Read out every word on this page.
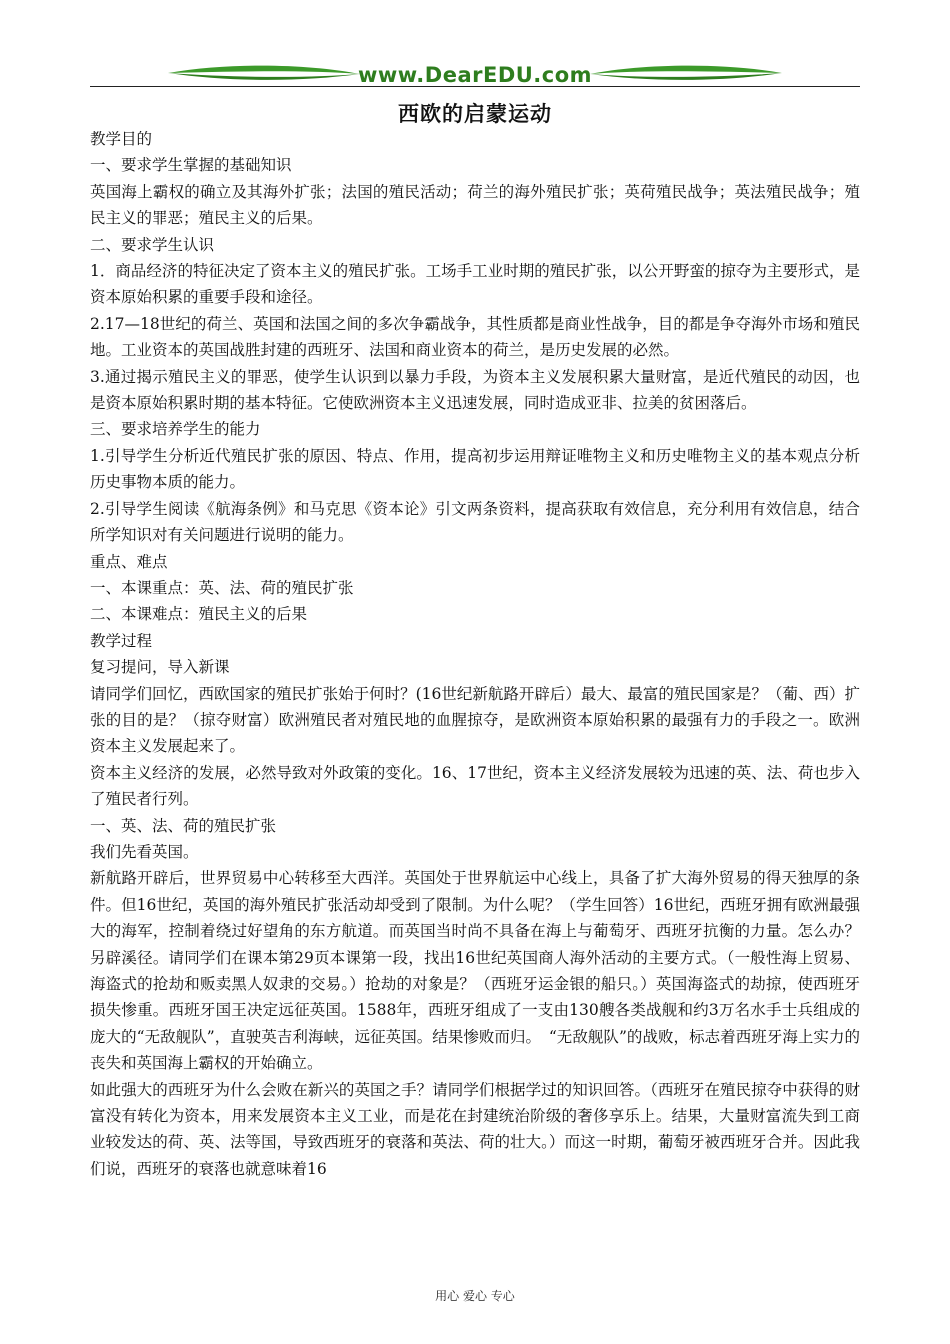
www.DearEDU.com
西欧的启蒙运动

教学目的

一、要求学生掌握的基础知识

英国海上霸权的确立及其海外扩张；法国的殖民活动；荷兰的海外殖民扩张；英荷殖民战争；英法殖民战争；殖民主义的罪恶；殖民主义的后果。

二、要求学生认识

1．商品经济的特征决定了资本主义的殖民扩张。工场手工业时期的殖民扩张，以公开野蛮的掠夺为主要形式，是资本原始积累的重要手段和途径。

2.17—18世纪的荷兰、英国和法国之间的多次争霸战争，其性质都是商业性战争，目的都是争夺海外市场和殖民地。工业资本的英国战胜封建的西班牙、法国和商业资本的荷兰，是历史发展的必然。

3.通过揭示殖民主义的罪恶，使学生认识到以暴力手段，为资本主义发展积累大量财富，是近代殖民的动因，也是资本原始积累时期的基本特征。它使欧洲资本主义迅速发展，同时造成亚非、拉美的贫困落后。

三、要求培养学生的能力

1.引导学生分析近代殖民扩张的原因、特点、作用，提高初步运用辩证唯物主义和历史唯物主义的基本观点分析历史事物本质的能力。

2.引导学生阅读《航海条例》和马克思《资本论》引文两条资料，提高获取有效信息，充分利用有效信息，结合所学知识对有关问题进行说明的能力。

重点、难点

一、本课重点：英、法、荷的殖民扩张

二、本课难点：殖民主义的后果

教学过程

复习提问，导入新课

请同学们回忆，西欧国家的殖民扩张始于何时？(16世纪新航路开辟后）最大、最富的殖民国家是？（葡、西）扩张的目的是？（掠夺财富）欧洲殖民者对殖民地的血腥掠夺，是欧洲资本原始积累的最强有力的手段之一。欧洲资本主义发展起来了。

资本主义经济的发展，必然导致对外政策的变化。16、17世纪，资本主义经济发展较为迅速的英、法、荷也步入了殖民者行列。

一、英、法、荷的殖民扩张

我们先看英国。

新航路开辟后，世界贸易中心转移至大西洋。英国处于世界航运中心线上，具备了扩大海外贸易的得天独厚的条件。但16世纪，英国的海外殖民扩张活动却受到了限制。为什么呢？（学生回答）16世纪，西班牙拥有欧洲最强大的海军，控制着绕过好望角的东方航道。而英国当时尚不具备在海上与葡萄牙、西班牙抗衡的力量。怎么办？另辟溪径。请同学们在课本第29页本课第一段，找出16世纪英国商人海外活动的主要方式。（一般性海上贸易、海盗式的抢劫和贩卖黑人奴隶的交易。）抢劫的对象是？（西班牙运金银的船只。）英国海盗式的劫掠，使西班牙损失惨重。西班牙国王决定远征英国。1588年，西班牙组成了一支由130艘各类战舰和约3万名水手士兵组成的庞大的“无敌舰队”，直驶英吉利海峡，远征英国。结果惨败而归。　“无敌舰队”的战败，标志着西班牙海上实力的丧失和英国海上霸权的开始确立。

如此强大的西班牙为什么会败在新兴的英国之手？请同学们根据学过的知识回答。（西班牙在殖民掠夺中获得的财富没有转化为资本，用来发展资本主义工业，而是花在封建统治阶级的奢侈享乐上。结果，大量财富流失到工商业较发达的荷、英、法等国，导致西班牙的衰落和英法、荷的壮大。）而这一时期，葡萄牙被西班牙合并。因此我们说，西班牙的衰落也就意味着16

用心 爱心 专心
